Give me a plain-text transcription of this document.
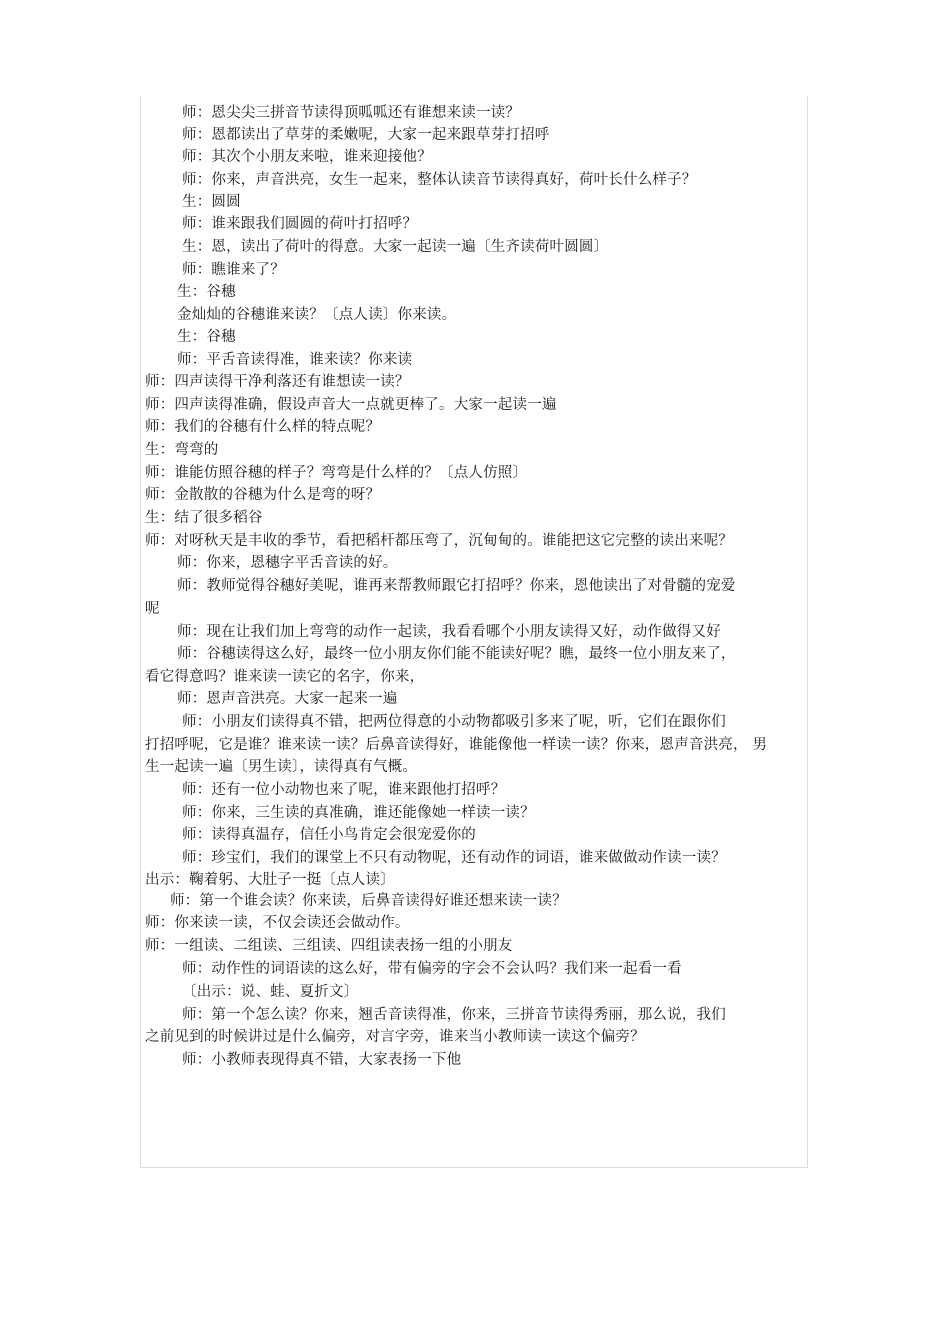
师：恩尖尖三拼音节读得顶呱呱还有谁想来读一读？
师：恩都读出了草芽的柔嫩呢，大家一起来跟草芽打招呼
师：其次个小朋友来啦，谁来迎接他？
师：你来，声音洪亮，女生一起来，整体认读音节读得真好，荷叶长什么样子？
生：圆圆
师：谁来跟我们圆圆的荷叶打招呼？
生：恩，读出了荷叶的得意。大家一起读一遍〔生齐读荷叶圆圆〕
师：瞧谁来了？
生：谷穗
金灿灿的谷穗谁来读？〔点人读〕你来读。
生：谷穗
师：平舌音读得准，谁来读？你来读
师：四声读得干净利落还有谁想读一读？
师：四声读得准确，假设声音大一点就更棒了。大家一起读一遍
师：我们的谷穗有什么样的特点呢？
生：弯弯的
师：谁能仿照谷穗的样子？弯弯是什么样的？〔点人仿照〕
师：金散散的谷穗为什么是弯的呀？
生：结了很多稻谷
师：对呀秋天是丰收的季节，看把稻杆都压弯了，沉甸甸的。谁能把这它完整的读出来呢？
师：你来，恩穗字平舌音读的好。
师：教师觉得谷穗好美呢，谁再来帮教师跟它打招呼？你来，恩他读出了对骨髓的宠爱
呢
师：现在让我们加上弯弯的动作一起读，我看看哪个小朋友读得又好，动作做得又好
师：谷穗读得这么好，最终一位小朋友你们能不能读好呢？瞧，最终一位小朋友来了，
看它得意吗？谁来读一读它的名字，你来，
师：恩声音洪亮。大家一起来一遍
师：小朋友们读得真不错，把两位得意的小动物都吸引多来了呢，听，它们在跟你们
打招呼呢，它是谁？谁来读一读？后鼻音读得好，谁能像他一样读一读？你来，恩声音洪亮， 男
生一起读一遍〔男生读〕，读得真有气概。
师：还有一位小动物也来了呢，谁来跟他打招呼？
师：你来，三生读的真准确，谁还能像她一样读一读？
师：读得真温存，信任小鸟肯定会很宠爱你的
师：珍宝们，我们的课堂上不只有动物呢，还有动作的词语，谁来做做动作读一读？
出示：鞠着躬、大肚子一挺〔点人读〕
师：第一个谁会读？你来读，后鼻音读得好谁还想来读一读？
师：你来读一读，不仅会读还会做动作。
师：一组读、二组读、三组读、四组读表扬一组的小朋友
师：动作性的词语读的这么好，带有偏旁的字会不会认吗？我们来一起看一看
〔出示：说、蛙、夏折文〕
师：第一个怎么读？你来，翘舌音读得准，你来，三拼音节读得秀丽，那么说，我们
之前见到的时候讲过是什么偏旁，对言字旁，谁来当小教师读一读这个偏旁？
师：小教师表现得真不错，大家表扬一下他
